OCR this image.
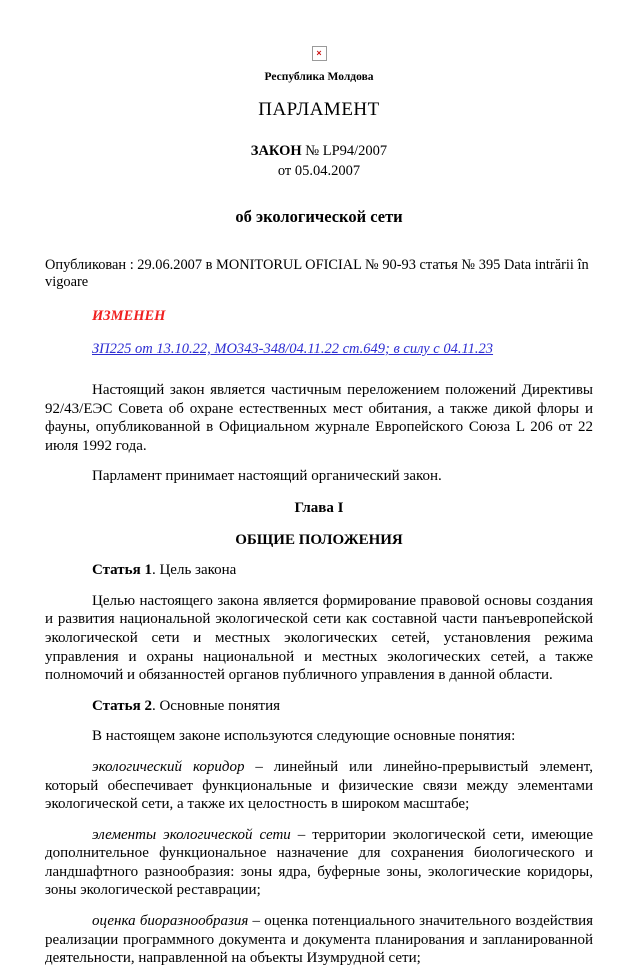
×
Республика Молдова
ПАРЛАМЕНТ
ЗАКОН № LP94/2007
от 05.04.2007
об экологической сети

Опубликован : 29.06.2007 в MONITORUL OFICIAL № 90-93 статья № 395 Data intrării în vigoare

ИЗМЕНЕН

ЗП225 от 13.10.22, МО343-348/04.11.22 ст.649; в силу с 04.11.23

Настоящий закон является частичным переложением положений Директивы 92/43/ЕЭС Совета об охране естественных мест обитания, а также дикой флоры и фауны, опубликованной в Официальном журнале Европейского Союза L 206 от 22 июля 1992 года.

Парламент принимает настоящий органический закон.

Глава I
ОБЩИЕ ПОЛОЖЕНИЯ

Статья 1. Цель закона

Целью настоящего закона является формирование правовой основы создания и развития национальной экологической сети как составной части панъевропейской экологической сети и местных экологических сетей, установления режима управления и охраны национальной и местных экологических сетей, а также полномочий и обязанностей органов публичного управления в данной области.

Статья 2. Основные понятия

В настоящем законе используются следующие основные понятия:

экологический коридор – линейный или линейно-прерывистый элемент, который обеспечивает функциональные и физические связи между элементами экологической сети, а также их целостность в широком масштабе;

элементы экологической сети – территории экологической сети, имеющие дополнительное функциональное назначение для сохранения биологического и ландшафтного разнообразия: зоны ядра, буферные зоны, экологические коридоры, зоны экологической реставрации;

оценка биоразнообразия – оценка потенциального значительного воздействия реализации программного документа и документа планирования и запланированной деятельности, направленной на объекты Изумрудной сети;
